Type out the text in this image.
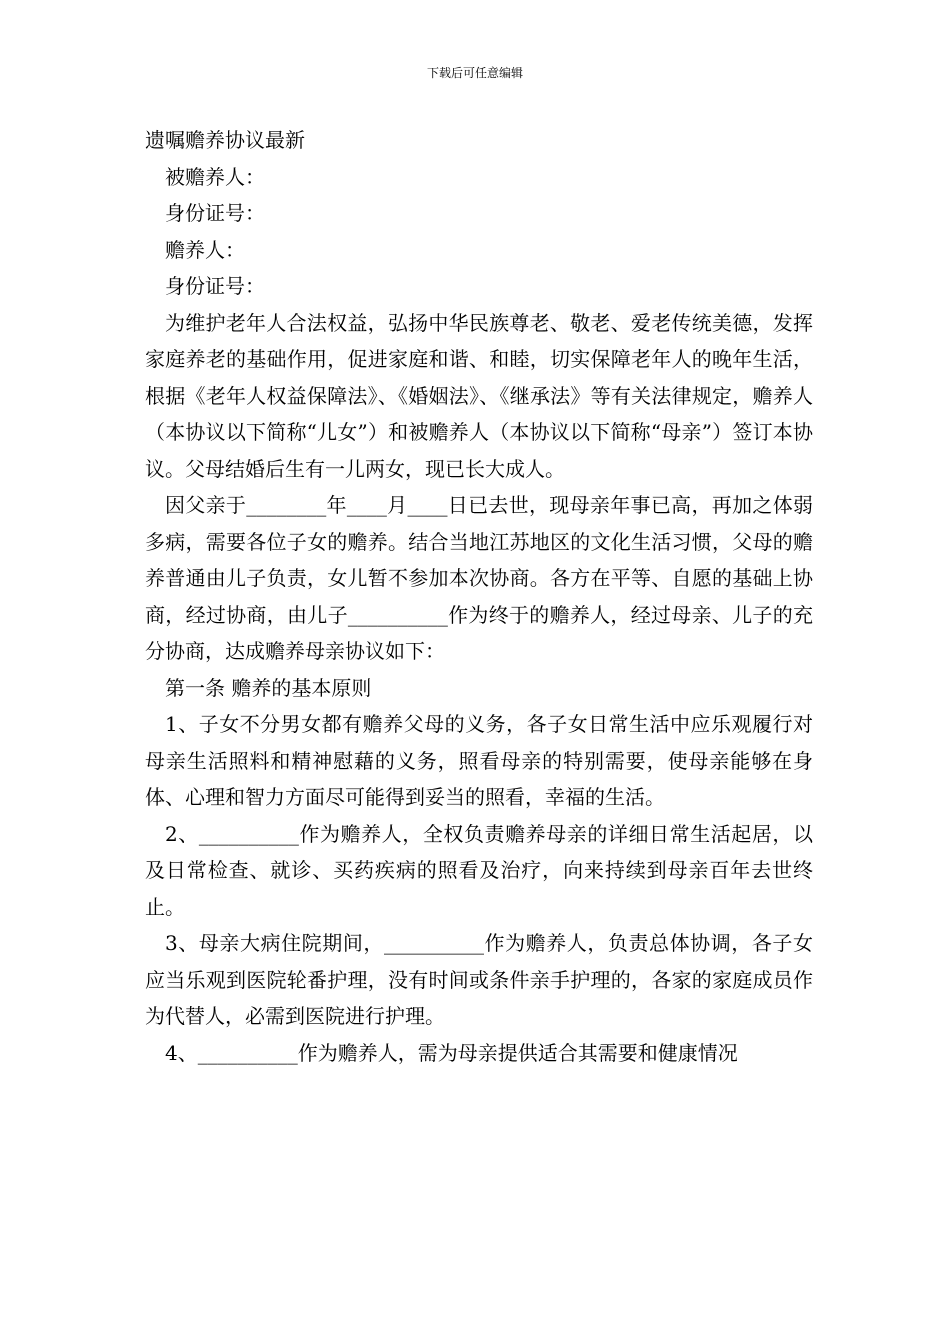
下载后可任意编辑

遗嘱赡养协议最新

被赡养人：

身份证号：

赡养人：

身份证号：

为维护老年人合法权益，弘扬中华民族尊老、敬老、爱老传统美德，发挥家庭养老的基础作用，促进家庭和谐、和睦，切实保障老年人的晚年生活，根据《老年人权益保障法》、《婚姻法》、《继承法》等有关法律规定，赡养人（本协议以下简称“儿女”）和被赡养人（本协议以下简称“母亲”）签订本协议。父母结婚后生有一儿两女，现已长大成人。

因父亲于________年____月____日已去世，现母亲年事已高，再加之体弱多病，需要各位子女的赡养。结合当地江苏地区的文化生活习惯，父母的赡养普通由儿子负责，女儿暂不参加本次协商。各方在平等、自愿的基础上协商，经过协商，由儿子__________作为终于的赡养人，经过母亲、儿子的充分协商，达成赡养母亲协议如下：

第一条 赡养的基本原则

1、子女不分男女都有赡养父母的义务，各子女日常生活中应乐观履行对母亲生活照料和精神慰藉的义务，照看母亲的特别需要，使母亲能够在身体、心理和智力方面尽可能得到妥当的照看，幸福的生活。

2、__________作为赡养人，全权负责赡养母亲的详细日常生活起居，以及日常检查、就诊、买药疾病的照看及治疗，向来持续到母亲百年去世终止。

3、母亲大病住院期间，__________作为赡养人，负责总体协调，各子女应当乐观到医院轮番护理，没有时间或条件亲手护理的，各家的家庭成员作为代替人，必需到医院进行护理。

4、__________作为赡养人，需为母亲提供适合其需要和健康情况
